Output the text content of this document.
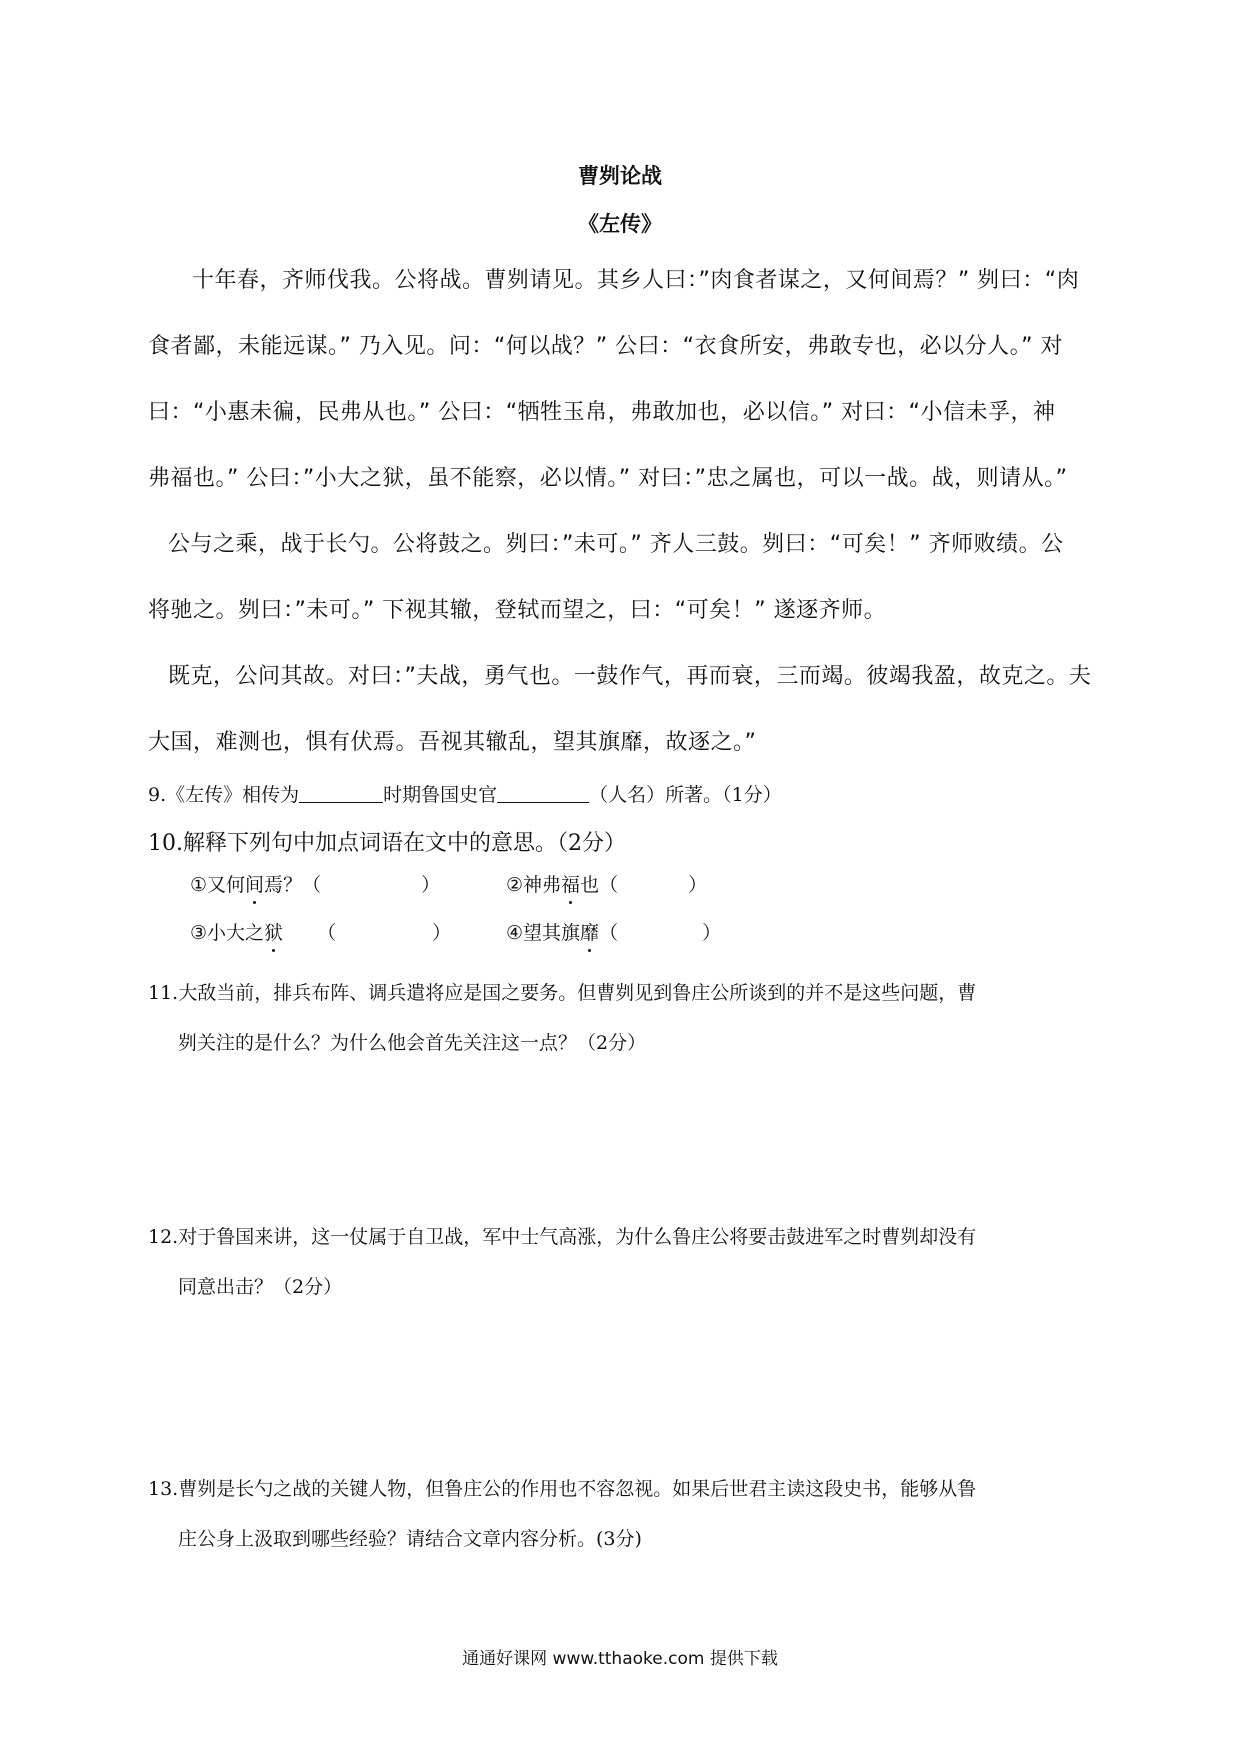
曹刿论战
《左传》
十年春，齐师伐我。公将战。曹刿请见。其乡人曰：”肉食者谋之，又何间焉？” 刿曰：“肉
食者鄙，未能远谋。” 乃入见。问：“何以战？” 公曰：“衣食所安，弗敢专也，必以分人。” 对
曰：“小惠未徧，民弗从也。” 公曰：“牺牲玉帛，弗敢加也，必以信。” 对曰：“小信未孚，神
弗福也。” 公曰：”小大之狱，虽不能察，必以情。” 对曰：”忠之属也，可以一战。战，则请从。”
公与之乘，战于长勺。公将鼓之。刿曰：”未可。” 齐人三鼓。刿曰：“可矣！” 齐师败绩。公
将驰之。刿曰：”未可。” 下视其辙，登轼而望之，曰：“可矣！” 遂逐齐师。
既克，公问其故。对曰：”夫战，勇气也。一鼓作气，再而衰，三而竭。彼竭我盈，故克之。夫
大国，难测也，惧有伏焉。吾视其辙乱，望其旗靡，故逐之。”
9.《左传》相传为	时期鲁国史官	（人名）所著。（1分）
10.解释下列句中加点词语在文中的意思。（2分）
①又何间焉？（	）	②神弗福也（	）
③小大之狱 （	）	④望其旗靡（	）
11.大敌当前，排兵布阵、调兵遣将应是国之要务。但曹刿见到鲁庄公所谈到的并不是这些问题，曹
刿关注的是什么？为什么他会首先关注这一点？（2分）
12.对于鲁国来讲，这一仗属于自卫战，军中士气高涨，为什么鲁庄公将要击鼓进军之时曹刿却没有
同意出击？（2分）
13.曹刿是长勺之战的关键人物，但鲁庄公的作用也不容忽视。如果后世君主读这段史书，能够从鲁
庄公身上汲取到哪些经验？请结合文章内容分析。(3分)
通通好课网 www.tthaoke.com 提供下载
